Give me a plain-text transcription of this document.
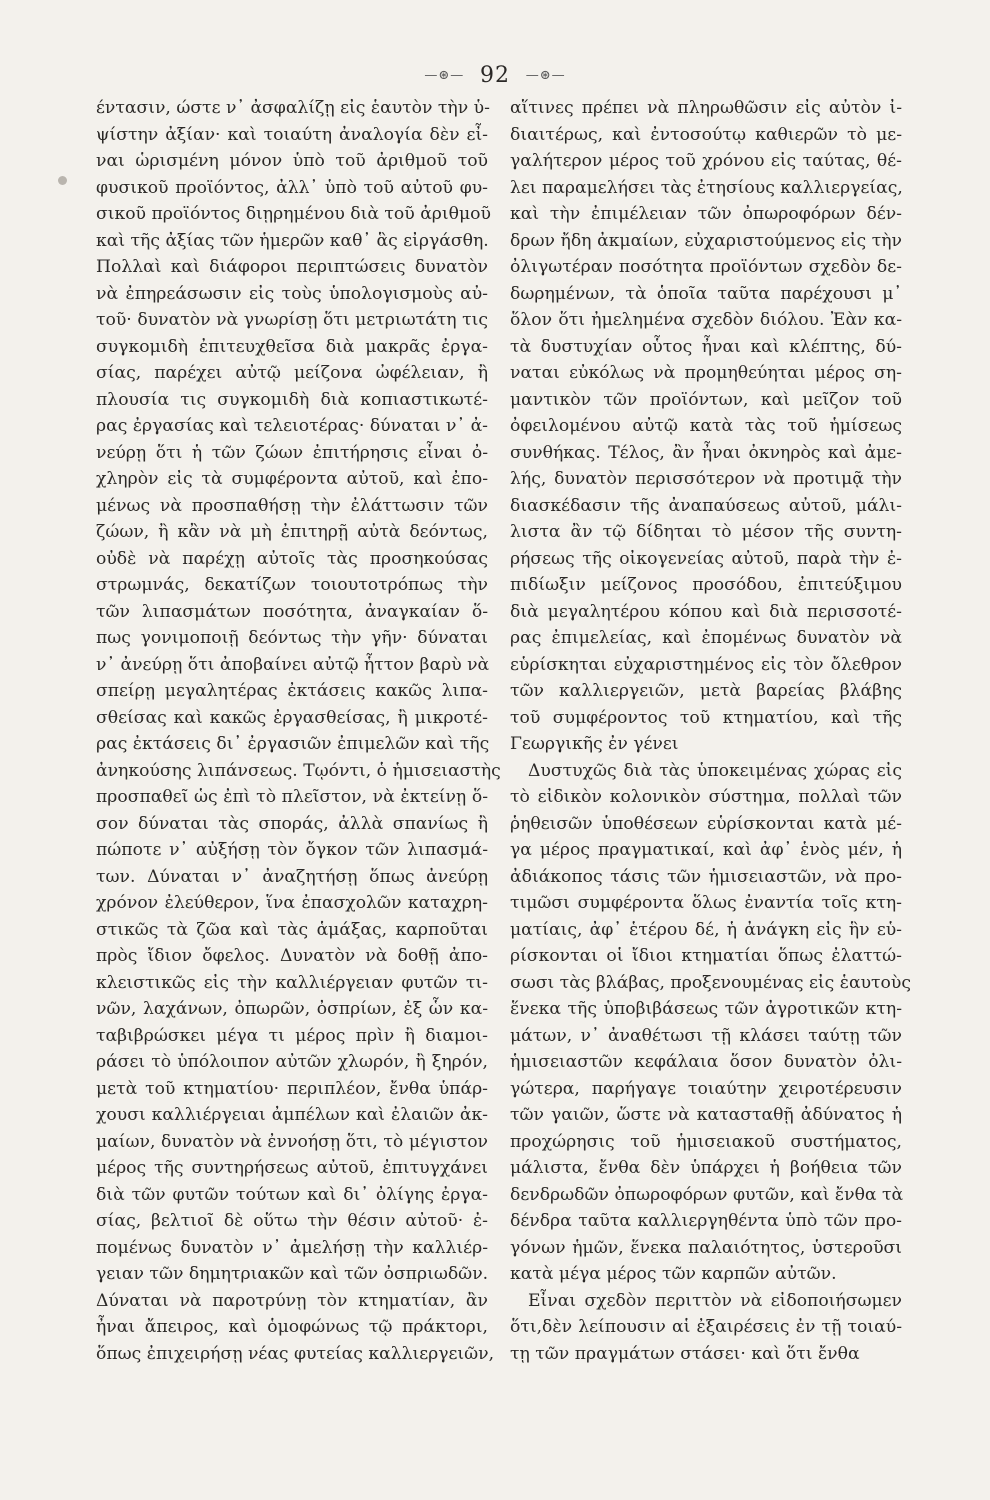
—⊛— 92 —⊛—
έντασιν, ώστε ν᾽ ἀσφαλίζῃ εἰς ἑαυτὸν τὴν ὑ-
ψίστην ἀξίαν· καὶ τοιαύτη ἀναλογία δὲν εἶ-
ναι ὡρισμένη μόνον ὑπὸ τοῦ ἀριθμοῦ τοῦ
φυσικοῦ προϊόντος, ἀλλ᾽ ὑπὸ τοῦ αὐτοῦ φυ-
σικοῦ προϊόντος διῃρημένου διὰ τοῦ ἀριθμοῦ
καὶ τῆς ἀξίας τῶν ἡμερῶν καθ᾽ ἃς εἰργάσθη.
Πολλαὶ καὶ διάφοροι περιπτώσεις δυνατὸν
νὰ ἐπηρεάσωσιν εἰς τοὺς ὑπολογισμοὺς αὐ-
τοῦ· δυνατὸν νὰ γνωρίσῃ ὅτι μετριωτάτη τις
συγκομιδὴ ἐπιτευχθεῖσα διὰ μακρᾶς ἐργα-
σίας, παρέχει αὐτῷ μείζονα ὠφέλειαν, ἢ
πλουσία τις συγκομιδὴ διὰ κοπιαστικωτέ-
ρας ἐργασίας καὶ τελειοτέρας· δύναται ν᾽ ἀ-
νεύρῃ ὅτι ἡ τῶν ζώων ἐπιτήρησις εἶναι ὀ-
χληρὸν εἰς τὰ συμφέροντα αὐτοῦ, καὶ ἐπο-
μένως νὰ προσπαθήσῃ τὴν ἐλάττωσιν τῶν
ζώων, ἢ κἂν νὰ μὴ ἐπιτηρῇ αὐτὰ δεόντως,
οὐδὲ νὰ παρέχῃ αὐτοῖς τὰς προσηκούσας
στρωμνάς, δεκατίζων τοιουτοτρόπως τὴν
τῶν λιπασμάτων ποσότητα, ἀναγκαίαν ὅ-
πως γονιμοποιῇ δεόντως τὴν γῆν· δύναται
ν᾽ ἀνεύρῃ ὅτι ἀποβαίνει αὐτῷ ἧττον βαρὺ νὰ
σπείρῃ μεγαλητέρας ἐκτάσεις κακῶς λιπα-
σθείσας καὶ κακῶς ἐργασθείσας, ἢ μικροτέ-
ρας ἐκτάσεις δι᾽ ἐργασιῶν ἐπιμελῶν καὶ τῆς
ἀνηκούσης λιπάνσεως. Τῳόντι, ὁ ἡμισειαστὴς
προσπαθεῖ ὡς ἐπὶ τὸ πλεῖστον, νὰ ἐκτείνῃ ὅ-
σον δύναται τὰς σποράς, ἀλλὰ σπανίως ἢ
πώποτε ν᾽ αὐξήσῃ τὸν ὄγκον τῶν λιπασμά-
των. Δύναται ν᾽ ἀναζητήσῃ ὅπως ἀνεύρῃ
χρόνον ἐλεύθερον, ἵνα ἐπασχολῶν καταχρη-
στικῶς τὰ ζῶα καὶ τὰς ἁμάξας, καρποῦται
πρὸς ἴδιον ὄφελος. Δυνατὸν νὰ δοθῇ ἀπο-
κλειστικῶς εἰς τὴν καλλιέργειαν φυτῶν τι-
νῶν, λαχάνων, ὀπωρῶν, ὀσπρίων, ἐξ ὧν κα-
ταβιβρώσκει μέγα τι μέρος πρὶν ἢ διαμοι-
ράσει τὸ ὑπόλοιπον αὐτῶν χλωρόν, ἢ ξηρόν,
μετὰ τοῦ κτηματίου· περιπλέον, ἔνθα ὑπάρ-
χουσι καλλιέργειαι ἀμπέλων καὶ ἐλαιῶν ἀκ-
μαίων, δυνατὸν νὰ ἐννοήσῃ ὅτι, τὸ μέγιστον
μέρος τῆς συντηρήσεως αὐτοῦ, ἐπιτυγχάνει
διὰ τῶν φυτῶν τούτων καὶ δι᾽ ὀλίγης ἐργα-
σίας, βελτιοῖ δὲ οὕτω τὴν θέσιν αὐτοῦ· ἐ-
πομένως δυνατὸν ν᾽ ἀμελήσῃ τὴν καλλιέρ-
γειαν τῶν δημητριακῶν καὶ τῶν ὀσπριωδῶν.
Δύναται νὰ παροτρύνῃ τὸν κτηματίαν, ἂν
ἦναι ἄπειρος, καὶ ὁμοφώνως τῷ πράκτορι,
ὅπως ἐπιχειρήσῃ νέας φυτείας καλλιεργειῶν,
αἵτινες πρέπει νὰ πληρωθῶσιν εἰς αὐτὸν ἰ-
διαιτέρως, καὶ ἐντοσούτῳ καθιερῶν τὸ με-
γαλήτερον μέρος τοῦ χρόνου εἰς ταύτας, θέ-
λει παραμελήσει τὰς ἐτησίους καλλιεργείας,
καὶ τὴν ἐπιμέλειαν τῶν ὀπωροφόρων δέν-
δρων ἤδη ἀκμαίων, εὐχαριστούμενος εἰς τὴν
ὀλιγωτέραν ποσότητα προϊόντων σχεδὸν δε-
δωρημένων, τὰ ὁποῖα ταῦτα παρέχουσι μ᾽
ὅλον ὅτι ἠμελημένα σχεδὸν διόλου. Ἐὰν κα-
τὰ δυστυχίαν οὗτος ἦναι καὶ κλέπτης, δύ-
ναται εὐκόλως νὰ προμηθεύηται μέρος ση-
μαντικὸν τῶν προϊόντων, καὶ μεῖζον τοῦ
ὀφειλομένου αὐτῷ κατὰ τὰς τοῦ ἡμίσεως
συνθήκας. Τέλος, ἂν ἦναι ὀκνηρὸς καὶ ἀμε-
λής, δυνατὸν περισσότερον νὰ προτιμᾷ τὴν
διασκέδασιν τῆς ἀναπαύσεως αὐτοῦ, μάλι-
λιστα ἂν τῷ δίδηται τὸ μέσον τῆς συντη-
ρήσεως τῆς οἰκογενείας αὐτοῦ, παρὰ τὴν ἐ-
πιδίωξιν μείζονος προσόδου, ἐπιτεύξιμου
διὰ μεγαλητέρου κόπου καὶ διὰ περισσοτέ-
ρας ἐπιμελείας, καὶ ἐπομένως δυνατὸν νὰ
εὑρίσκηται εὐχαριστημένος εἰς τὸν ὄλεθρον
τῶν καλλιεργειῶν, μετὰ βαρείας βλάβης
τοῦ συμφέροντος τοῦ κτηματίου, καὶ τῆς
Γεωργικῆς ἐν γένει
Δυστυχῶς διὰ τὰς ὑποκειμένας χώρας εἰς
τὸ εἰδικὸν κολονικὸν σύστημα, πολλαὶ τῶν
ῥηθεισῶν ὑποθέσεων εὑρίσκονται κατὰ μέ-
γα μέρος πραγματικαί, καὶ ἀφ᾽ ἑνὸς μέν, ἡ
ἀδιάκοπος τάσις τῶν ἡμισειαστῶν, νὰ προ-
τιμῶσι συμφέροντα ὅλως ἐναντία τοῖς κτη-
ματίαις, ἀφ᾽ ἑτέρου δέ, ἡ ἀνάγκη εἰς ἣν εὑ-
ρίσκονται οἱ ἴδιοι κτηματίαι ὅπως ἐλαττώ-
σωσι τὰς βλάβας, προξενουμένας εἰς ἑαυτοὺς
ἕνεκα τῆς ὑποβιβάσεως τῶν ἀγροτικῶν κτη-
μάτων, ν᾽ ἀναθέτωσι τῇ κλάσει ταύτῃ τῶν
ἡμισειαστῶν κεφάλαια ὅσον δυνατὸν ὀλι-
γώτερα, παρήγαγε τοιαύτην χειροτέρευσιν
τῶν γαιῶν, ὥστε νὰ κατασταθῇ ἀδύνατος ἡ
προχώρησις τοῦ ἡμισειακοῦ συστήματος,
μάλιστα, ἔνθα δὲν ὑπάρχει ἡ βοήθεια τῶν
δενδρωδῶν ὀπωροφόρων φυτῶν, καὶ ἔνθα τὰ
δένδρα ταῦτα καλλιεργηθέντα ὑπὸ τῶν προ-
γόνων ἡμῶν, ἕνεκα παλαιότητος, ὑστεροῦσι
κατὰ μέγα μέρος τῶν καρπῶν αὐτῶν.
Εἶναι σχεδὸν περιττὸν νὰ εἰδοποιήσωμεν
ὅτι,δὲν λείπουσιν αἱ ἐξαιρέσεις ἐν τῇ τοιαύ-
τῃ τῶν πραγμάτων στάσει· καὶ ὅτι ἔνθα
